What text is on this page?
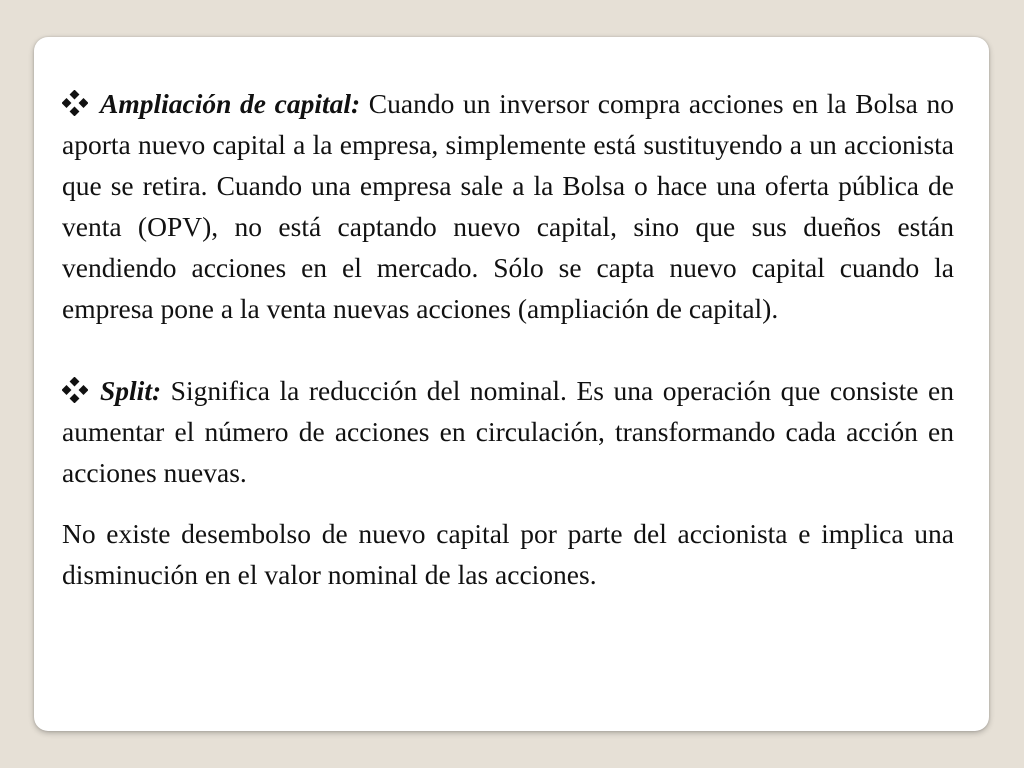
Ampliación de capital: Cuando un inversor compra acciones en la Bolsa no aporta nuevo capital a la empresa, simplemente está sustituyendo a un accionista que se retira. Cuando una empresa sale a la Bolsa o hace una oferta pública de venta (OPV), no está captando nuevo capital, sino que sus dueños están vendiendo acciones en el mercado. Sólo se capta nuevo capital cuando la empresa pone a la venta nuevas acciones (ampliación de capital).

Split: Significa la reducción del nominal. Es una operación que consiste en aumentar el número de acciones en circulación, transformando cada acción en acciones nuevas.

No existe desembolso de nuevo capital por parte del accionista e implica una disminución en el valor nominal de las acciones.
